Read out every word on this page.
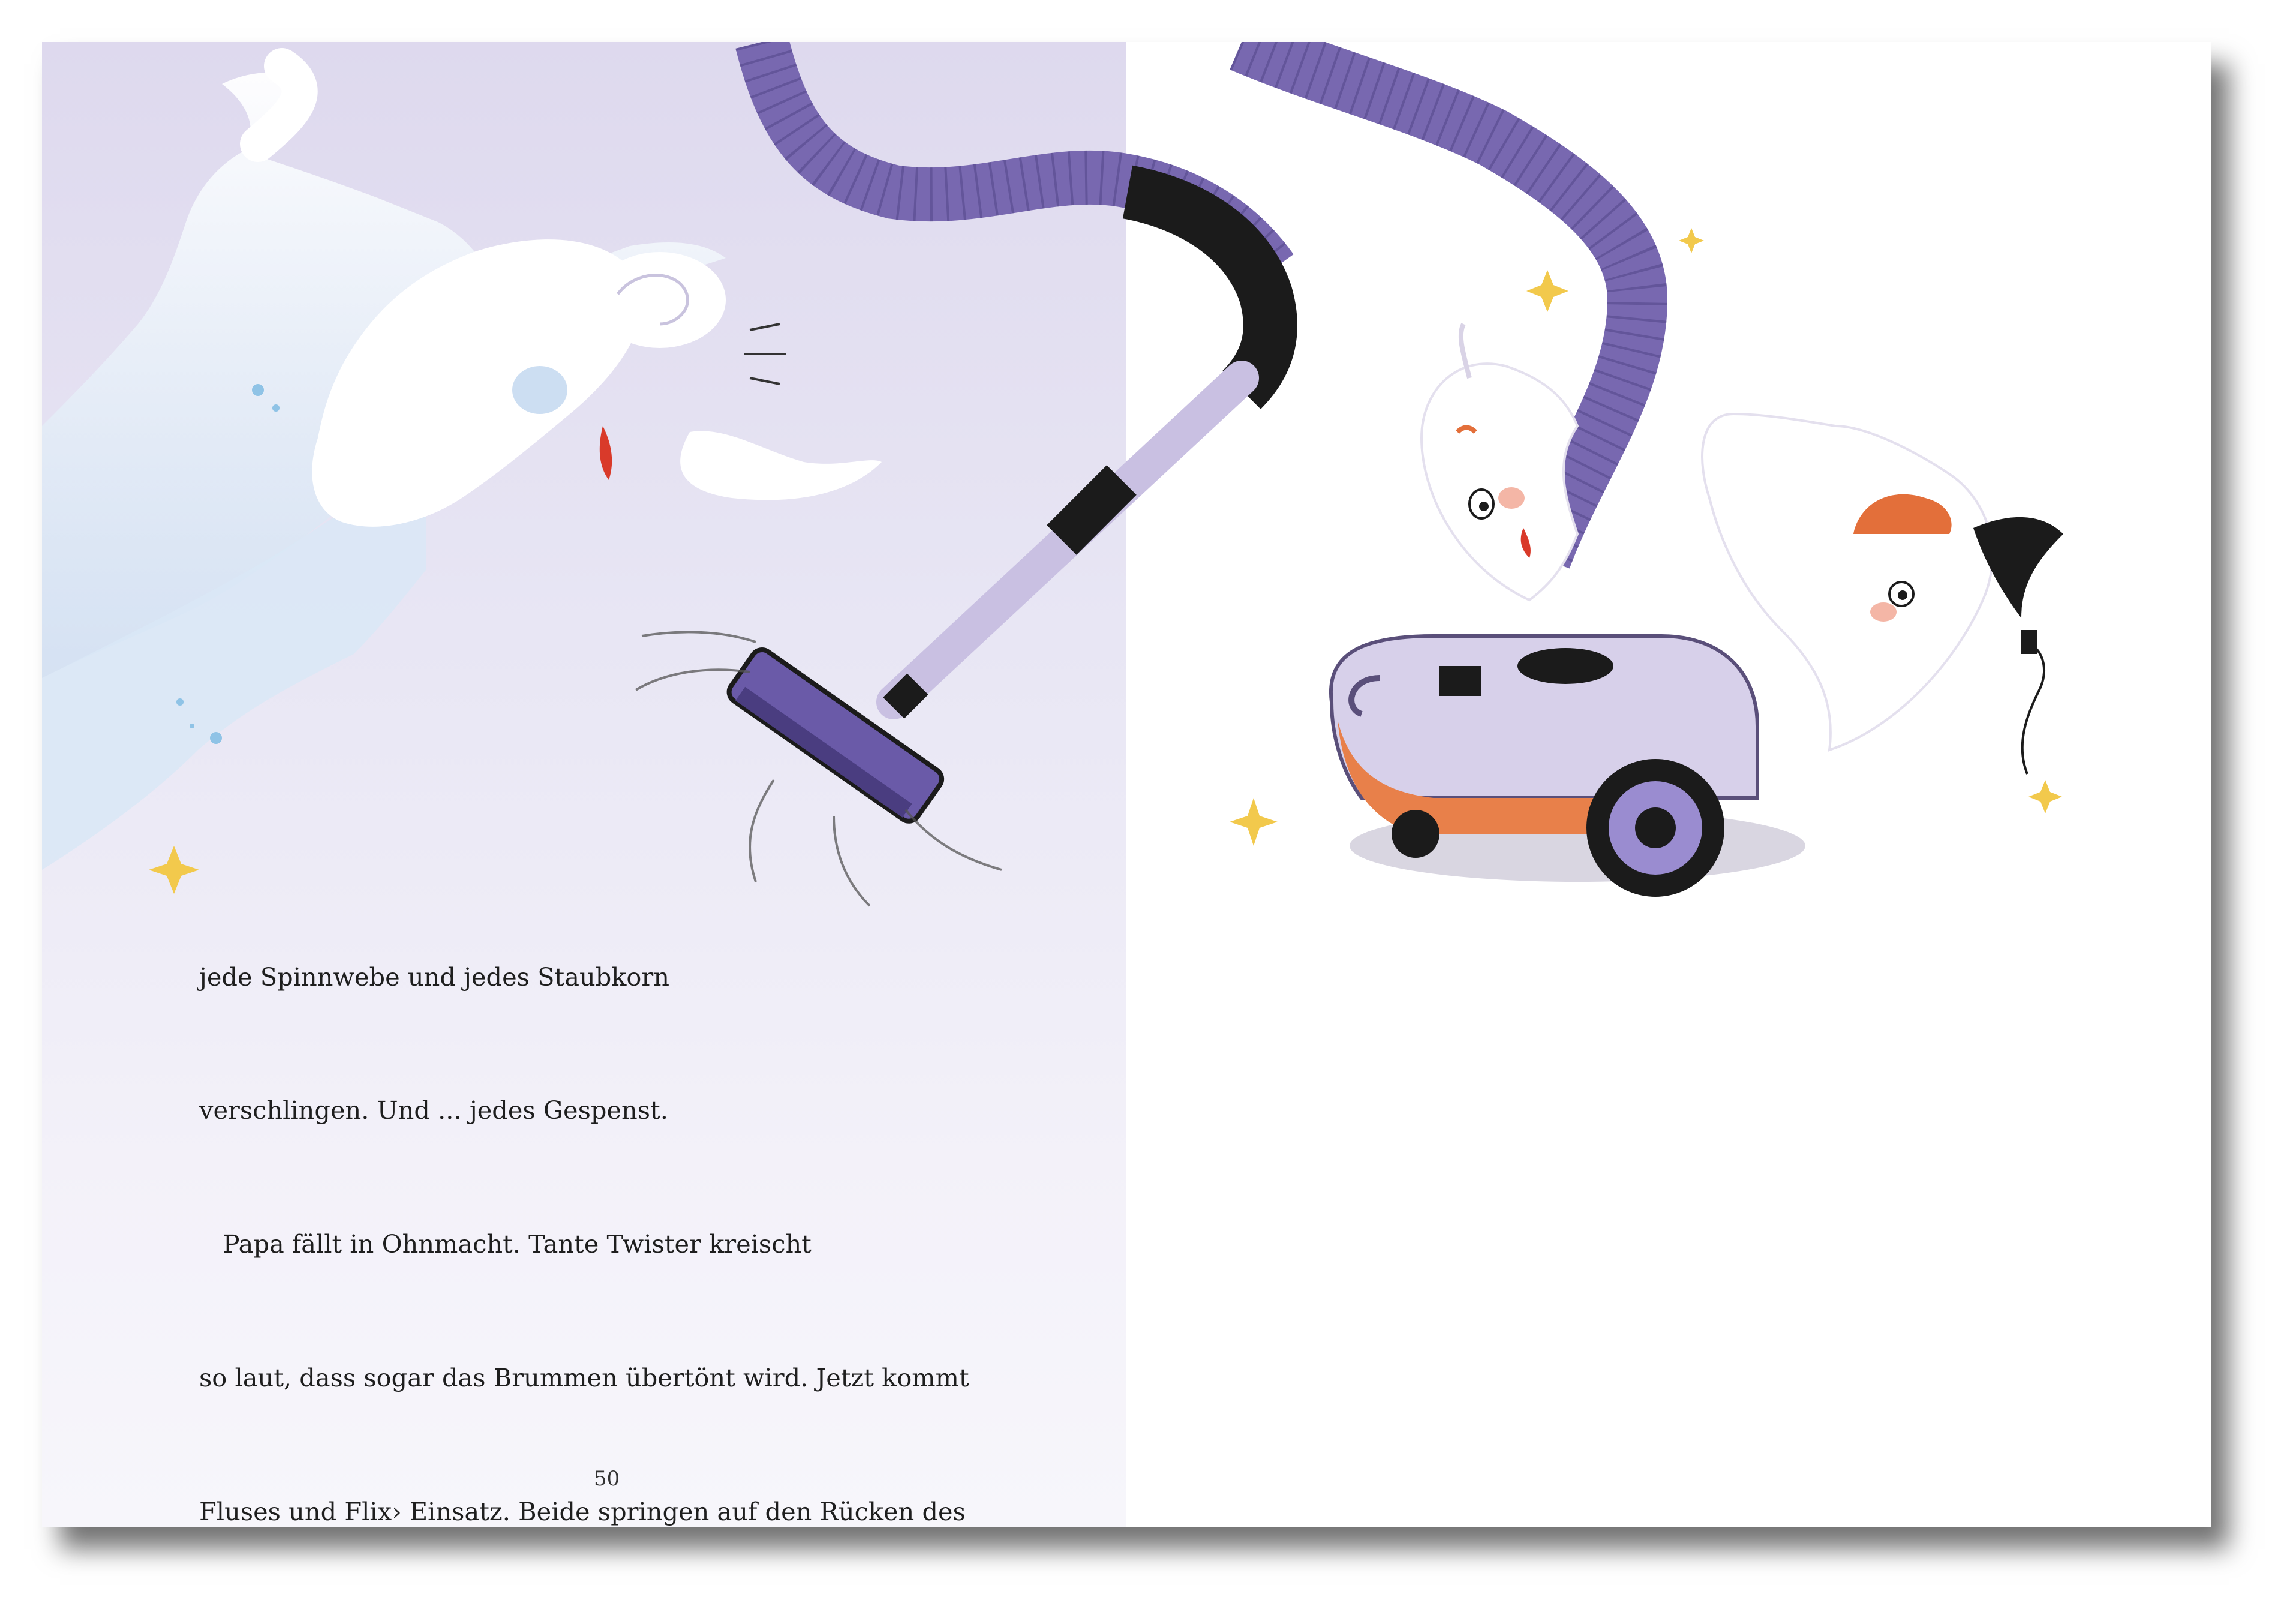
jede Spinnwebe und jedes Staubkorn

verschlingen. Und ... jedes Gespenst.

Papa fällt in Ohnmacht. Tante Twister kreischt

so laut, dass sogar das Brummen übertönt wird. Jetzt kommt

Fluses und Flix› Einsatz. Beide springen auf den Rücken des

50
